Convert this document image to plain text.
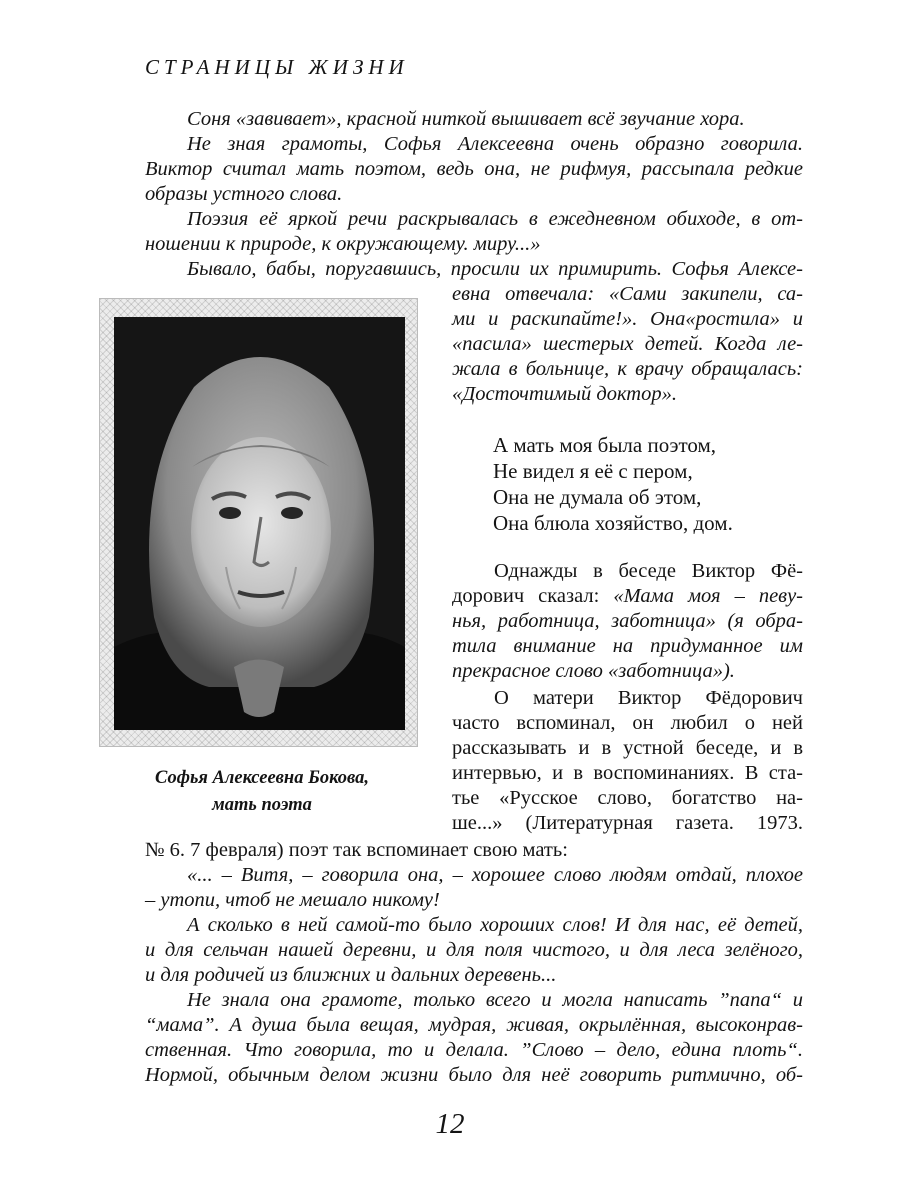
СТРАНИЦЫ ЖИЗНИ
Соня «завивает», красной ниткой вышивает всё звучание хора.
Не зная грамоты, Софья Алексеевна очень образно говорила.
Виктор считал мать поэтом, ведь она, не рифмуя, рассыпала редкие
образы устного слова.
Поэзия её яркой речи раскрывалась в ежедневном обиходе, в от-
ношении к природе, к окружающему. миру...»
Бывало, бабы, поругавшись, просили их примирить. Софья Алексе-
евна отвечала: «Сами закипели, са-
ми и раскипайте!». Она«ростила» и
«пасила» шестерых детей. Когда ле-
жала в больнице, к врачу обращалась:
«Досточтимый доктор».
А мать моя была поэтом,
Не видел я её с пером,
Она не думала об этом,
Она блюла хозяйство, дом.
Однажды в беседе Виктор Фё-
дорович сказал: «Мама моя – певу-
нья, работница, заботница» (я обра-
тила внимание на придуманное им
прекрасное слово «заботница»).
О матери Виктор Фёдорович
часто вспоминал, он любил о ней
рассказывать и в устной беседе, и в
интервью, и в воспоминаниях. В ста-
тье «Русское слово, богатство на-
ше...» (Литературная газета. 1973.
Софья Алексеевна Бокова,
мать поэта
№ 6. 7 февраля) поэт так вспоминает свою мать:
«... – Витя, – говорила она, – хорошее слово людям отдай, плохое
– утопи, чтоб не мешало никому!
А сколько в ней самой-то было хороших слов! И для нас, её детей,
и для сельчан нашей деревни, и для поля чистого, и для леса зелёного,
и для родичей из ближних и дальних деревень...
Не знала она грамоте, только всего и могла написать ”папа“ и
“мама”. А душа была вещая, мудрая, живая, окрылённая, высоконрав-
ственная. Что говорила, то и делала. ”Слово – дело, едина плоть“.
Нормой, обычным делом жизни было для неё говорить ритмично, об-
12
